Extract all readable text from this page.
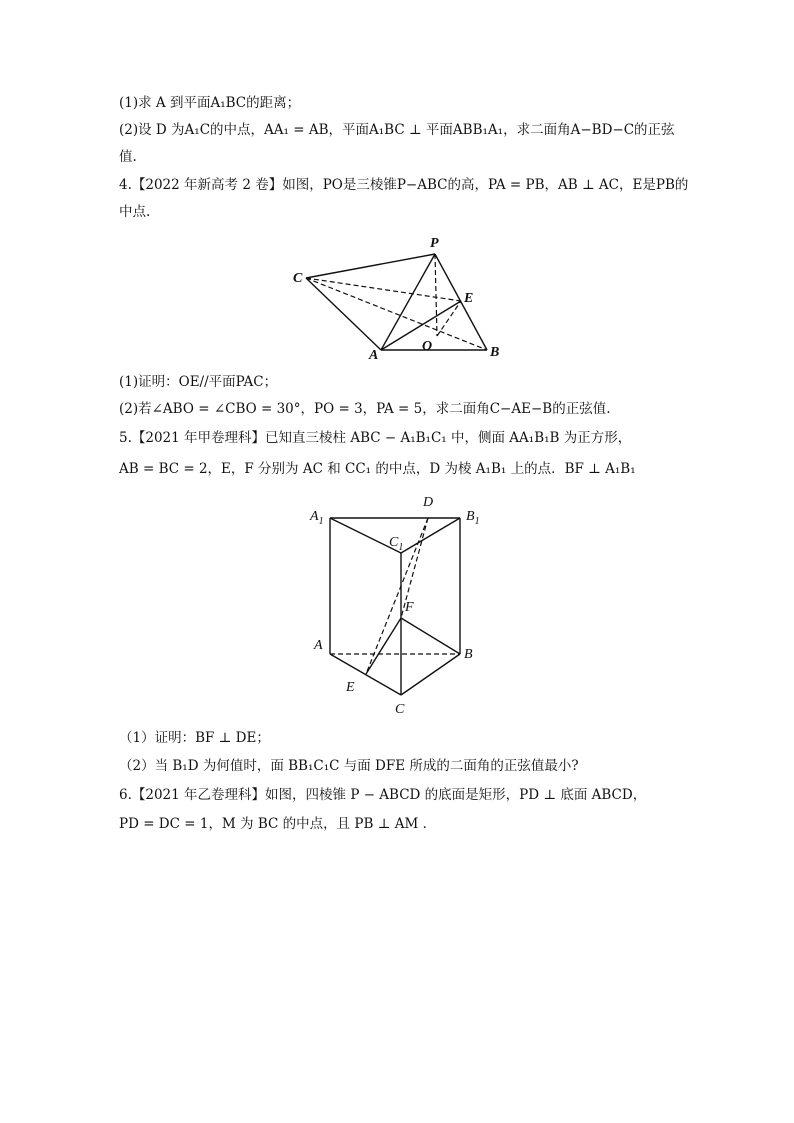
(1)求 A 到平面A₁BC的距离；
(2)设 D 为A₁C的中点，AA₁ = AB，平面A₁BC ⊥ 平面ABB₁A₁，求二面角A−BD−C的正弦
值.
4.【2022 年新高考 2 卷】如图，PO是三棱锥P−ABC的高，PA = PB，AB ⊥ AC，E是PB的
中点.
P
C
E
A
O	B
(1)证明：OE//平面PAC；
(2)若∠ABO = ∠CBO = 30°，PO = 3，PA = 5，求二面角C−AE−B的正弦值.
5.【2021 年甲卷理科】已知直三棱柱 ABC − A₁B₁C₁ 中，侧面 AA₁B₁B 为正方形，
AB = BC = 2，E，F 分别为 AC 和 CC₁ 的中点，D 为棱 A₁B₁ 上的点．BF ⊥ A₁B₁
$A_1$
D
$B_1$
$C_1$
F
A
B
E
C
（1）证明：BF ⊥ DE；
（2）当 B₁D 为何值时，面 BB₁C₁C 与面 DFE 所成的二面角的正弦值最小?
6.【2021 年乙卷理科】如图，四棱锥 P − ABCD 的底面是矩形，PD ⊥ 底面 ABCD，
PD = DC = 1，M 为 BC 的中点，且 PB ⊥ AM ．
